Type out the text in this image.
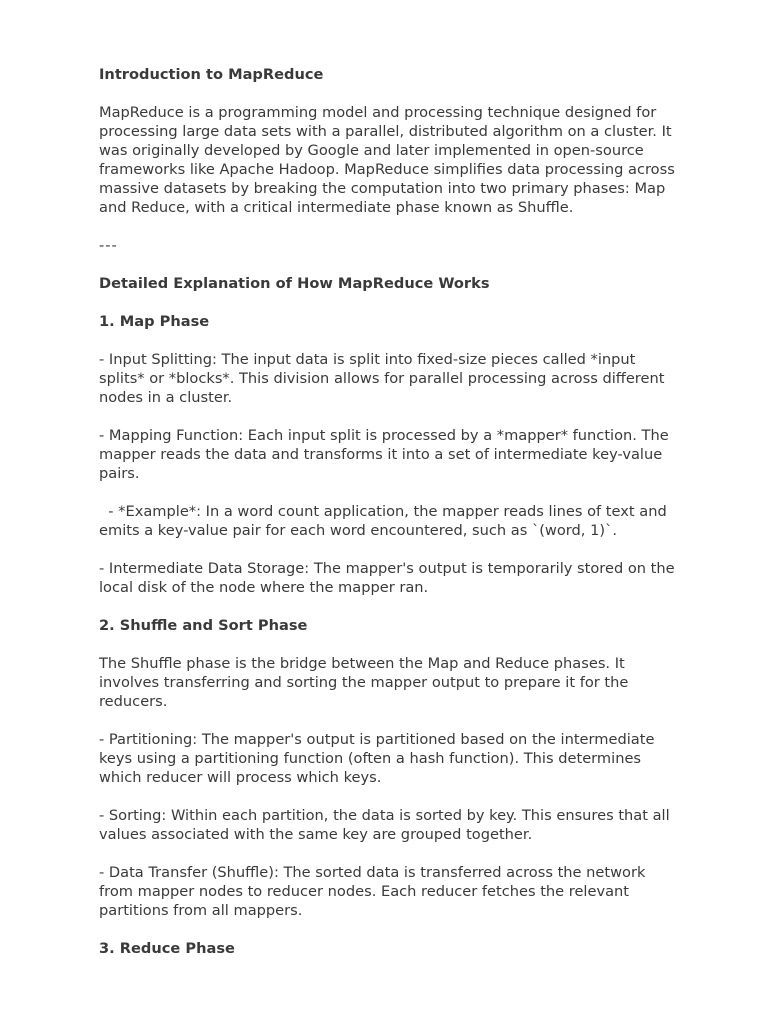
Introduction to MapReduce
MapReduce is a programming model and processing technique designed for processing large data sets with a parallel, distributed algorithm on a cluster. It was originally developed by Google and later implemented in open-source frameworks like Apache Hadoop. MapReduce simplifies data processing across massive datasets by breaking the computation into two primary phases: Map and Reduce, with a critical intermediate phase known as Shuffle.
---
Detailed Explanation of How MapReduce Works
1. Map Phase
- Input Splitting: The input data is split into fixed-size pieces called *input splits* or *blocks*. This division allows for parallel processing across different nodes in a cluster.
- Mapping Function: Each input split is processed by a *mapper* function. The mapper reads the data and transforms it into a set of intermediate key-value pairs.
- *Example*: In a word count application, the mapper reads lines of text and emits a key-value pair for each word encountered, such as `(word, 1)`.
- Intermediate Data Storage: The mapper's output is temporarily stored on the local disk of the node where the mapper ran.
2. Shuffle and Sort Phase
The Shuffle phase is the bridge between the Map and Reduce phases. It involves transferring and sorting the mapper output to prepare it for the reducers.
- Partitioning: The mapper's output is partitioned based on the intermediate keys using a partitioning function (often a hash function). This determines which reducer will process which keys.
- Sorting: Within each partition, the data is sorted by key. This ensures that all values associated with the same key are grouped together.
- Data Transfer (Shuffle): The sorted data is transferred across the network from mapper nodes to reducer nodes. Each reducer fetches the relevant partitions from all mappers.
3. Reduce Phase
